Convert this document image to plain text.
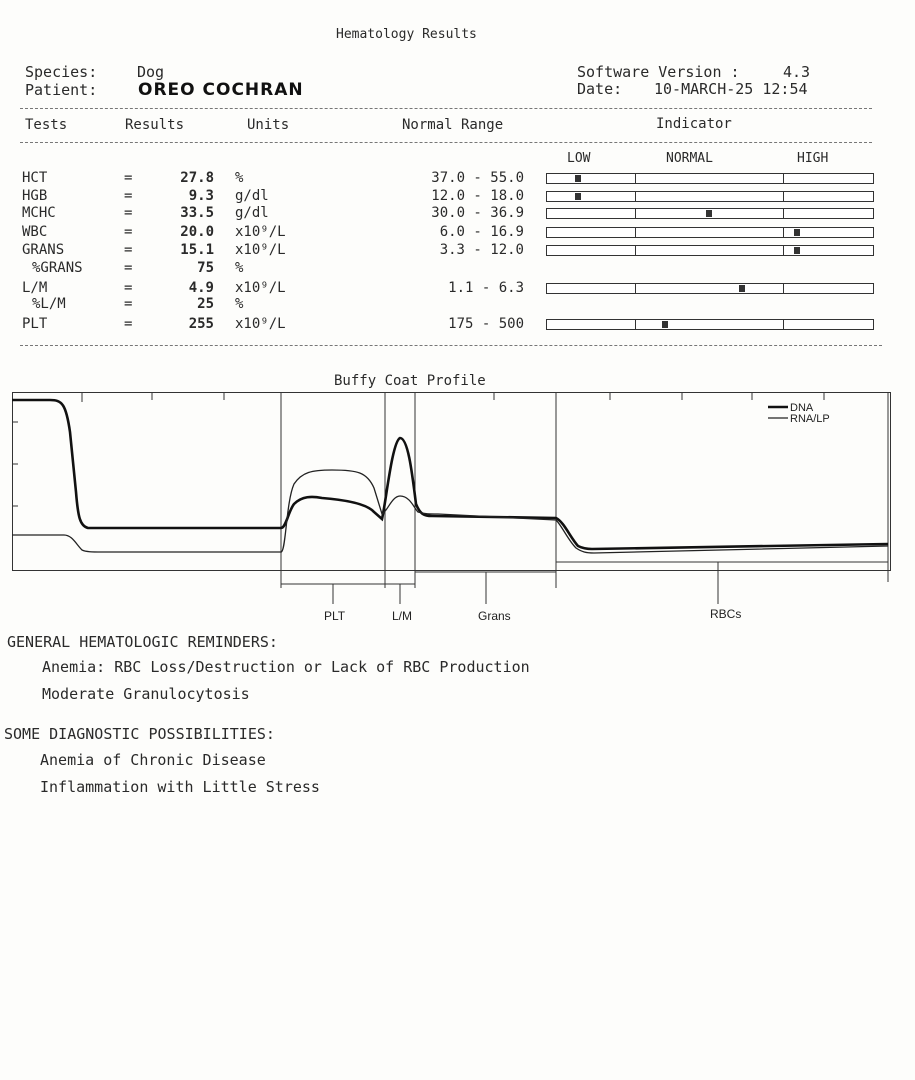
Hematology Results
Species:	Dog
Patient: OREO COCHRAN
Software Version :	4.3
Date: 10-MARCH-25 12:54
Tests	Results	Units	Normal Range	Indicator
LOW	NORMAL	HIGH
HCT	=	27.8 %	37.0 - 55.0
HGB	=	9.3 g/dl	12.0 - 18.0
MCHC	=	33.5 g/dl	30.0 - 36.9
WBC	=	20.0 x10⁹/L	6.0 - 16.9
GRANS	=	15.1 x10⁹/L	3.3 - 12.0
%GRANS	=	75 %
L/M	=	4.9 x10⁹/L	1.1 - 6.3
%L/M	=	25 %
PLT	=	255 x10⁹/L	175 - 500
Buffy Coat Profile
DNA
RNA/LP
PLT	L/M	Grans	RBCs
GENERAL HEMATOLOGIC REMINDERS:
Anemia: RBC Loss/Destruction or Lack of RBC Production
Moderate Granulocytosis
SOME DIAGNOSTIC POSSIBILITIES:
Anemia of Chronic Disease
Inflammation with Little Stress
